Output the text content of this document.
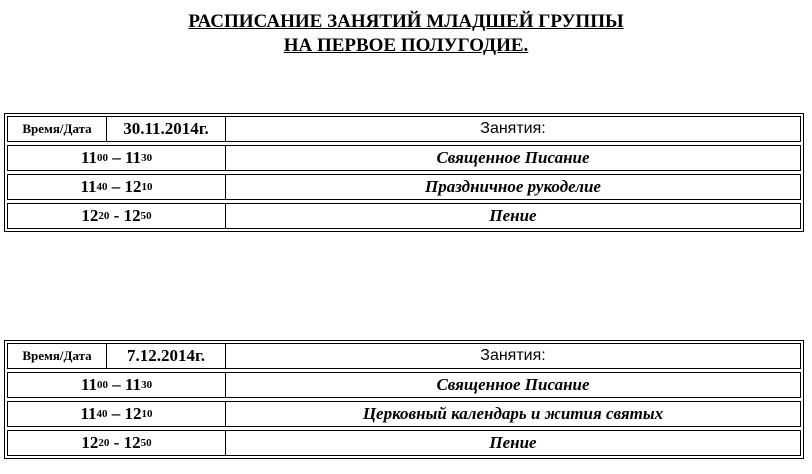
РАСПИСАНИЕ ЗАНЯТИЙ МЛАДШЕЙ ГРУППЫ
НА ПЕРВОЕ ПОЛУГОДИЕ.
Время/Дата	30.11.2014г.	Занятия:
11 00 – 11 30	Священное Писание
11 40 – 12 10	Праздничное рукоделие
12 20 - 12 50	Пение
Время/Дата	7.12.2014г.	Занятия:
11 00 – 11 30	Священное Писание
11 40 – 12 10	Церковный календарь и жития святых
12 20 - 12 50	Пение
